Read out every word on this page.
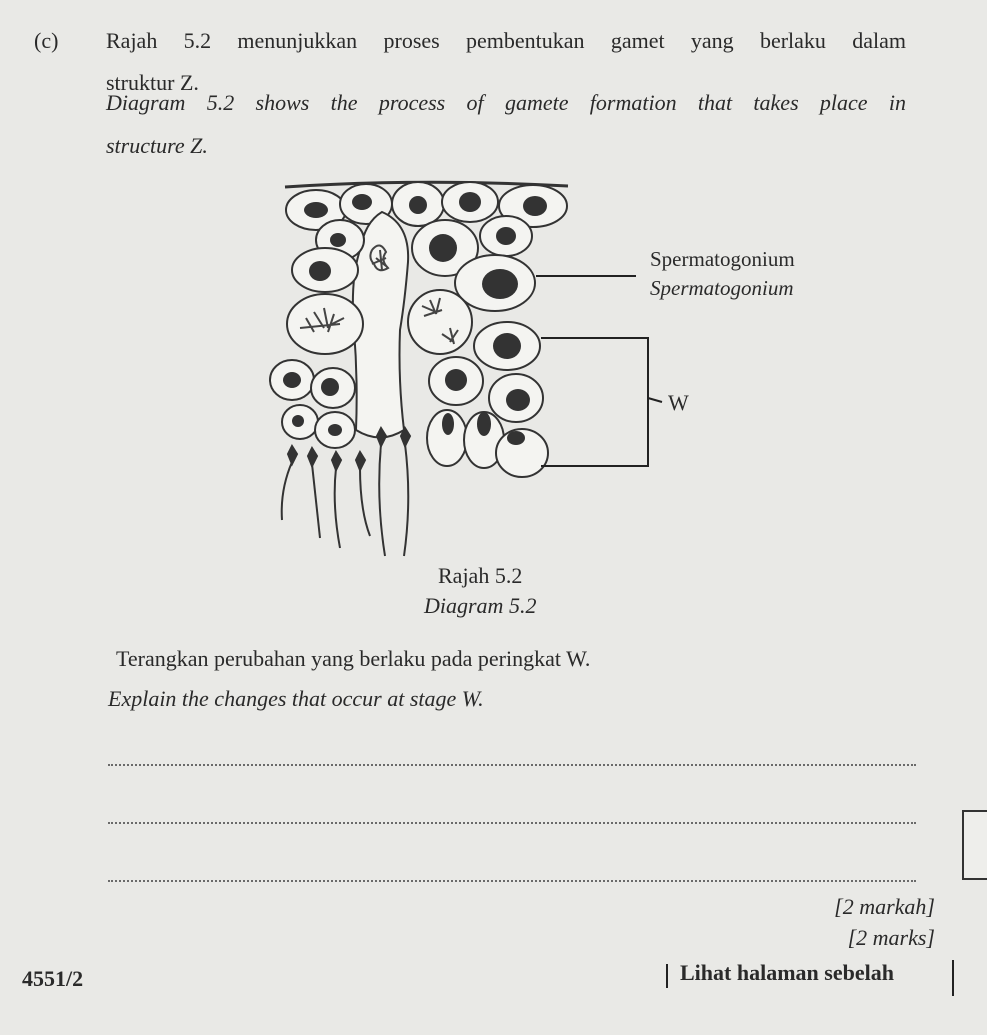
(c) Rajah 5.2 menunjukkan proses pembentukan gamet yang berlaku dalam
struktur Z.
Diagram 5.2 shows the process of gamete formation that takes place in
structure Z.
Spermatogonium
Spermatogonium
W
Rajah 5.2
Diagram 5.2
Terangkan perubahan yang berlaku pada peringkat W.
Explain the changes that occur at stage W.
[2 markah]
[2 marks]
4551/2	Lihat halaman sebelah
